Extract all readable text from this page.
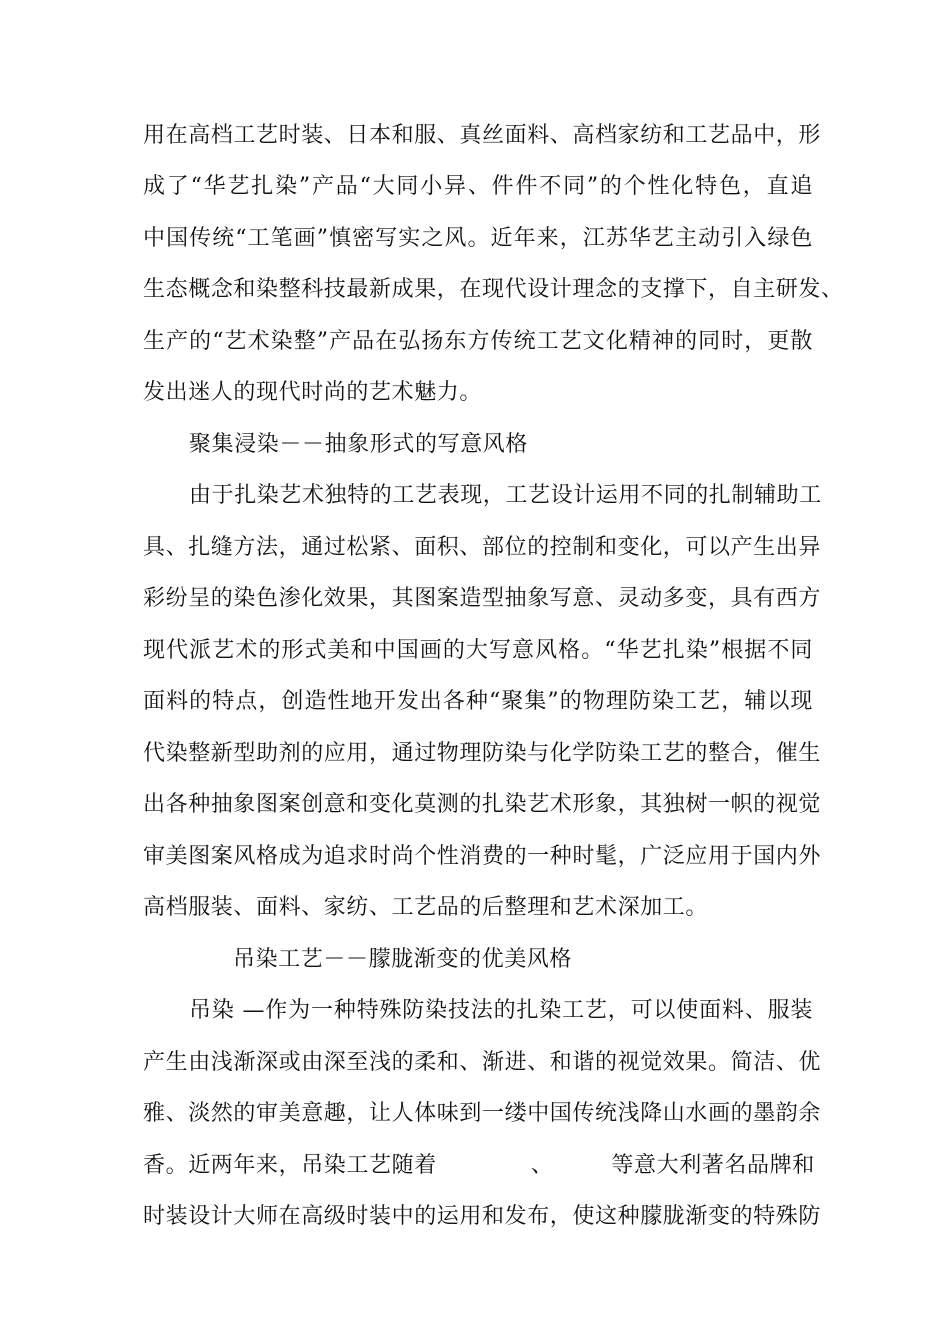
用在高档工艺时装、日本和服、真丝面料、高档家纺和工艺品中，形
成了“华艺扎染”产品“大同小异、件件不同”的个性化特色，直追
中国传统“工笔画”慎密写实之风。近年来，江苏华艺主动引入绿色
生态概念和染整科技最新成果，在现代设计理念的支撑下，自主研发、
生产的“艺术染整”产品在弘扬东方传统工艺文化精神的同时，更散
发出迷人的现代时尚的艺术魅力。
聚集浸染－－抽象形式的写意风格
由于扎染艺术独特的工艺表现，工艺设计运用不同的扎制辅助工
具、扎缝方法，通过松紧、面积、部位的控制和变化，可以产生出异
彩纷呈的染色渗化效果，其图案造型抽象写意、灵动多变，具有西方
现代派艺术的形式美和中国画的大写意风格。“华艺扎染”根据不同
面料的特点，创造性地开发出各种“聚集”的物理防染工艺，辅以现
代染整新型助剂的应用，通过物理防染与化学防染工艺的整合，催生
出各种抽象图案创意和变化莫测的扎染艺术形象，其独树一帜的视觉
审美图案风格成为追求时尚个性消费的一种时髦，广泛应用于国内外
高档服装、面料、家纺、工艺品的后整理和艺术深加工。
吊染工艺－－朦胧渐变的优美风格
吊染 —作为一种特殊防染技法的扎染工艺，可以使面料、服装
产生由浅渐深或由深至浅的柔和、渐进、和谐的视觉效果。简洁、优
雅、淡然的审美意趣，让人体味到一缕中国传统浅降山水画的墨韵余
香。近两年来，吊染工艺随着	、	等意大利著名品牌和
时装设计大师在高级时装中的运用和发布，使这种朦胧渐变的特殊防
